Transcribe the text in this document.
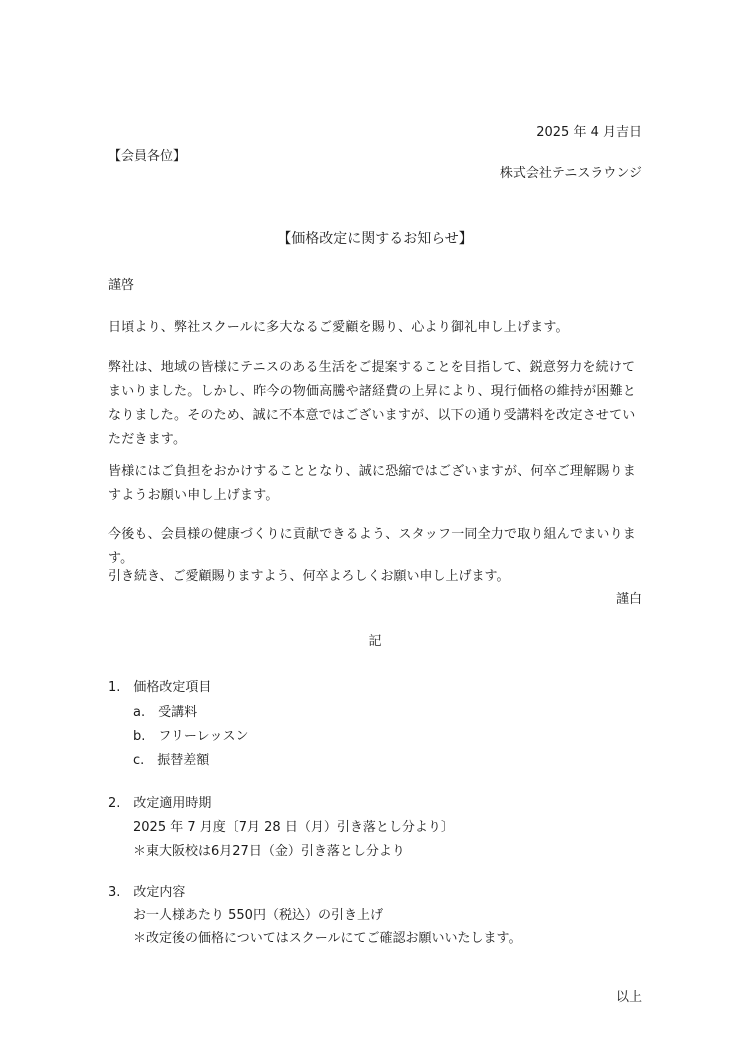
2025 年 4 月吉日
【会員各位】
株式会社テニスラウンジ
【価格改定に関するお知らせ】
謹啓
日頃より、弊社スクールに多大なるご愛顧を賜り、心より御礼申し上げます。
弊社は、地域の皆様にテニスのある生活をご提案することを目指して、鋭意努力を続けてまいりました。しかし、昨今の物価高騰や諸経費の上昇により、現行価格の維持が困難となりました。そのため、誠に不本意ではございますが、以下の通り受講料を改定させていただきます。
皆様にはご負担をおかけすることとなり、誠に恐縮ではございますが、何卒ご理解賜りますようお願い申し上げます。
今後も、会員様の健康づくりに貢献できるよう、スタッフ一同全力で取り組んでまいります。
引き続き、ご愛顧賜りますよう、何卒よろしくお願い申し上げます。
謹白
記
1.　価格改定項目
a.　受講料
b.　フリーレッスン
c.　振替差額
2.　改定適用時期
2025 年 7 月度〔7月 28 日（月）引き落とし分より〕
＊東大阪校は6月27日（金）引き落とし分より
3.　改定内容
お一人様あたり 550円（税込）の引き上げ
＊改定後の価格についてはスクールにてご確認お願いいたします。
以上
